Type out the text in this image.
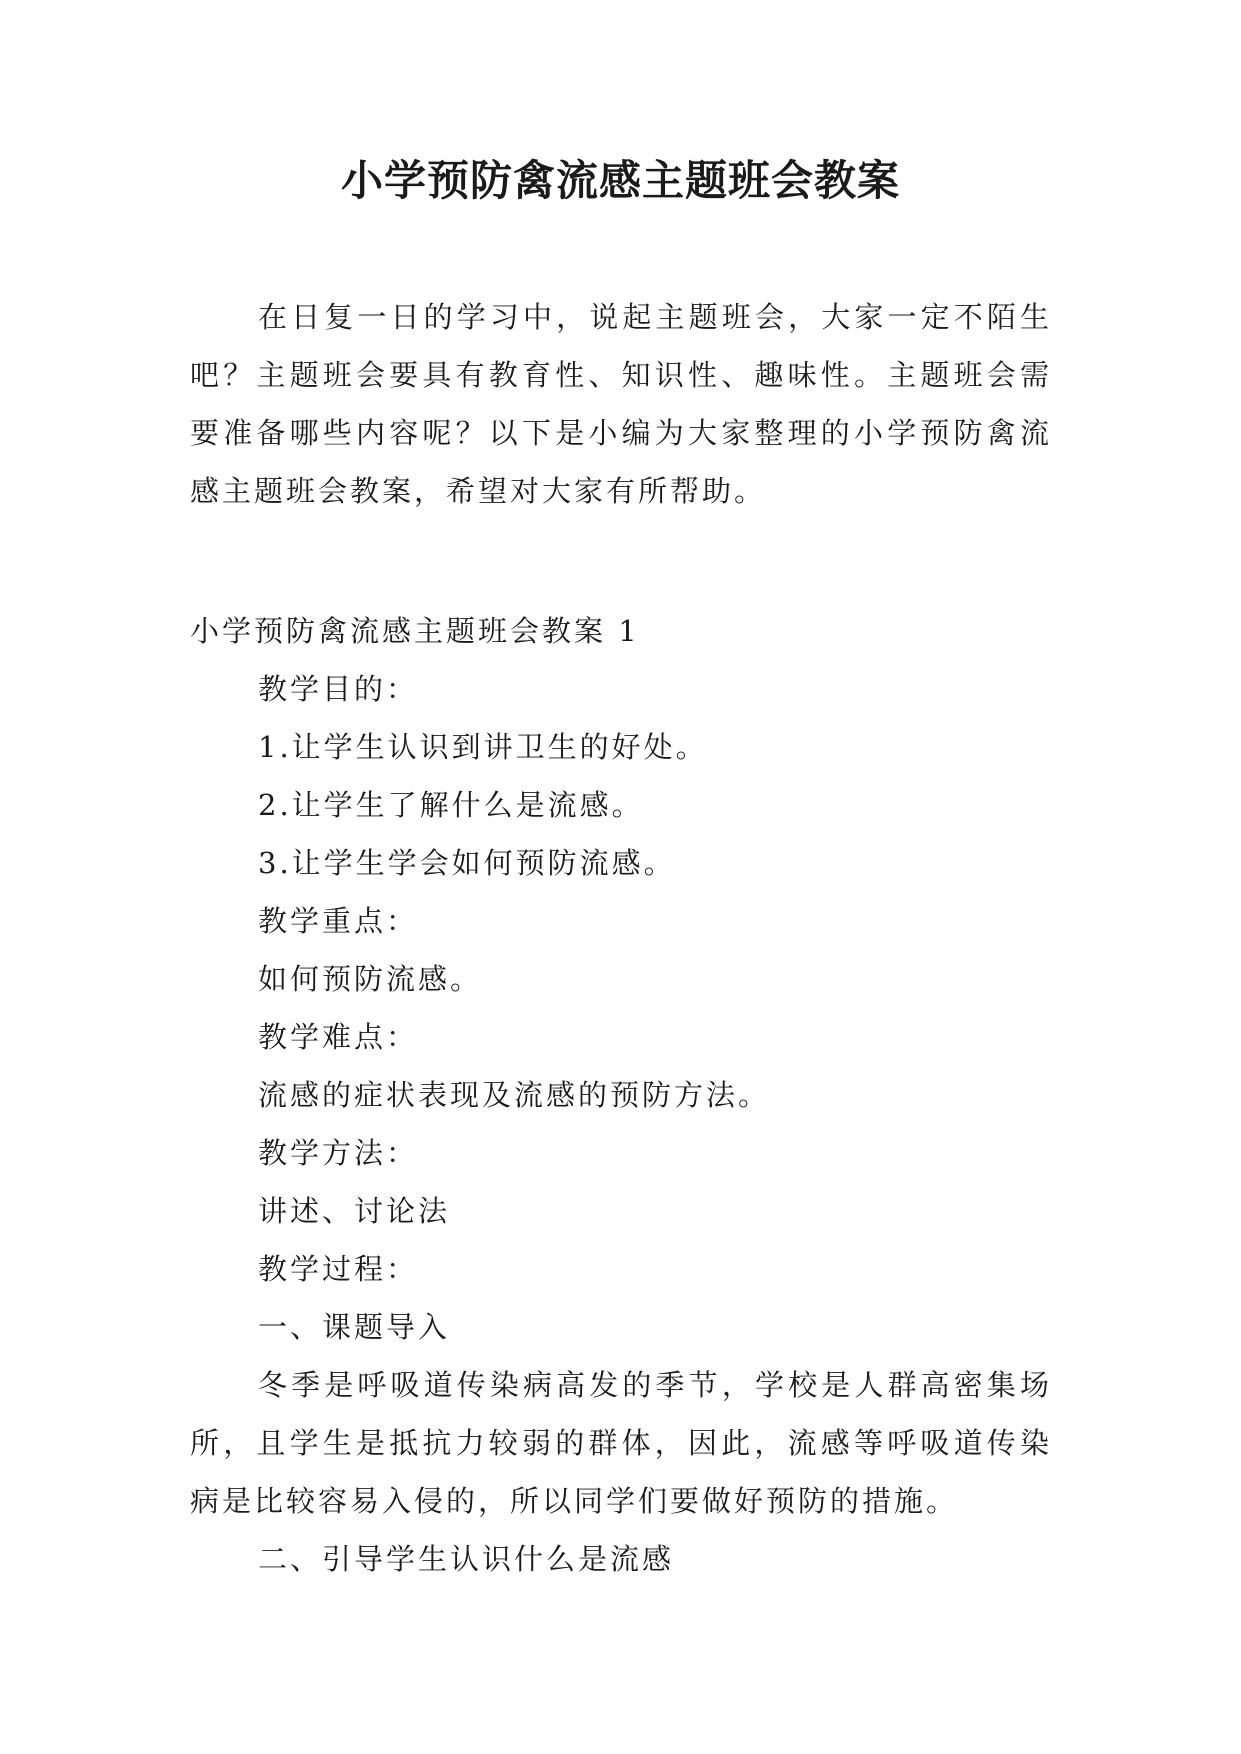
小学预防禽流感主题班会教案

在日复一日的学习中，说起主题班会，大家一定不陌生吧？主题班会要具有教育性、知识性、趣味性。主题班会需要准备哪些内容呢？以下是小编为大家整理的小学预防禽流感主题班会教案，希望对大家有所帮助。

小学预防禽流感主题班会教案 1

教学目的：

1.让学生认识到讲卫生的好处。

2.让学生了解什么是流感。

3.让学生学会如何预防流感。

教学重点：

如何预防流感。

教学难点：

流感的症状表现及流感的预防方法。

教学方法：

讲述、讨论法

教学过程：

一、课题导入

冬季是呼吸道传染病高发的季节，学校是人群高密集场所，且学生是抵抗力较弱的群体，因此，流感等呼吸道传染病是比较容易入侵的，所以同学们要做好预防的措施。

二、引导学生认识什么是流感
